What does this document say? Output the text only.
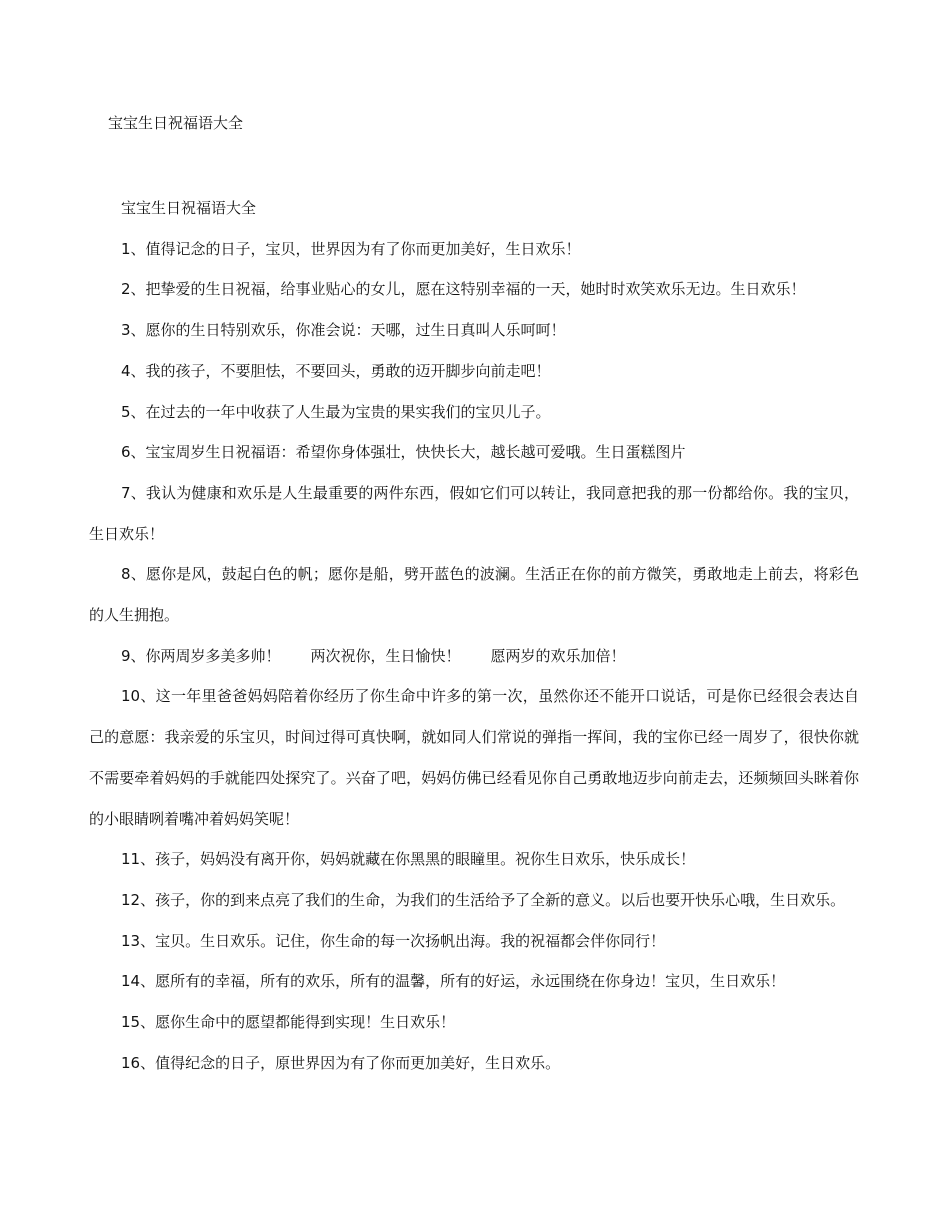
宝宝生日祝福语大全

宝宝生日祝福语大全

1、值得记念的日子，宝贝，世界因为有了你而更加美好，生日欢乐！

2、把挚爱的生日祝福，给事业贴心的女儿，愿在这特别幸福的一天，她时时欢笑欢乐无边。生日欢乐！

3、愿你的生日特别欢乐，你准会说：天哪，过生日真叫人乐呵呵！

4、我的孩子，不要胆怯，不要回头，勇敢的迈开脚步向前走吧！

5、在过去的一年中收获了人生最为宝贵的果实我们的宝贝儿子。

6、宝宝周岁生日祝福语：希望你身体强壮，快快长大，越长越可爱哦。生日蛋糕图片

7、我认为健康和欢乐是人生最重要的两件东西，假如它们可以转让，我同意把我的那一份都给你。我的宝贝，生日欢乐！

8、愿你是风，鼓起白色的帆；愿你是船，劈开蓝色的波澜。生活正在你的前方微笑，勇敢地走上前去，将彩色的人生拥抱。

9、你两周岁多美多帅！　　两次祝你，生日愉快！　　愿两岁的欢乐加倍！

10、这一年里爸爸妈妈陪着你经历了你生命中许多的第一次，虽然你还不能开口说话，可是你已经很会表达自己的意愿：我亲爱的乐宝贝，时间过得可真快啊，就如同人们常说的弹指一挥间，我的宝你已经一周岁了，很快你就不需要牵着妈妈的手就能四处探究了。兴奋了吧，妈妈仿佛已经看见你自己勇敢地迈步向前走去，还频频回头眯着你的小眼睛咧着嘴冲着妈妈笑呢！

11、孩子，妈妈没有离开你，妈妈就藏在你黑黑的眼瞳里。祝你生日欢乐，快乐成长！

12、孩子，你的到来点亮了我们的生命，为我们的生活给予了全新的意义。以后也要开快乐心哦，生日欢乐。

13、宝贝。生日欢乐。记住，你生命的每一次扬帆出海。我的祝福都会伴你同行！

14、愿所有的幸福，所有的欢乐，所有的温馨，所有的好运，永远围绕在你身边！宝贝，生日欢乐！

15、愿你生命中的愿望都能得到实现！生日欢乐！

16、值得纪念的日子，原世界因为有了你而更加美好，生日欢乐。
